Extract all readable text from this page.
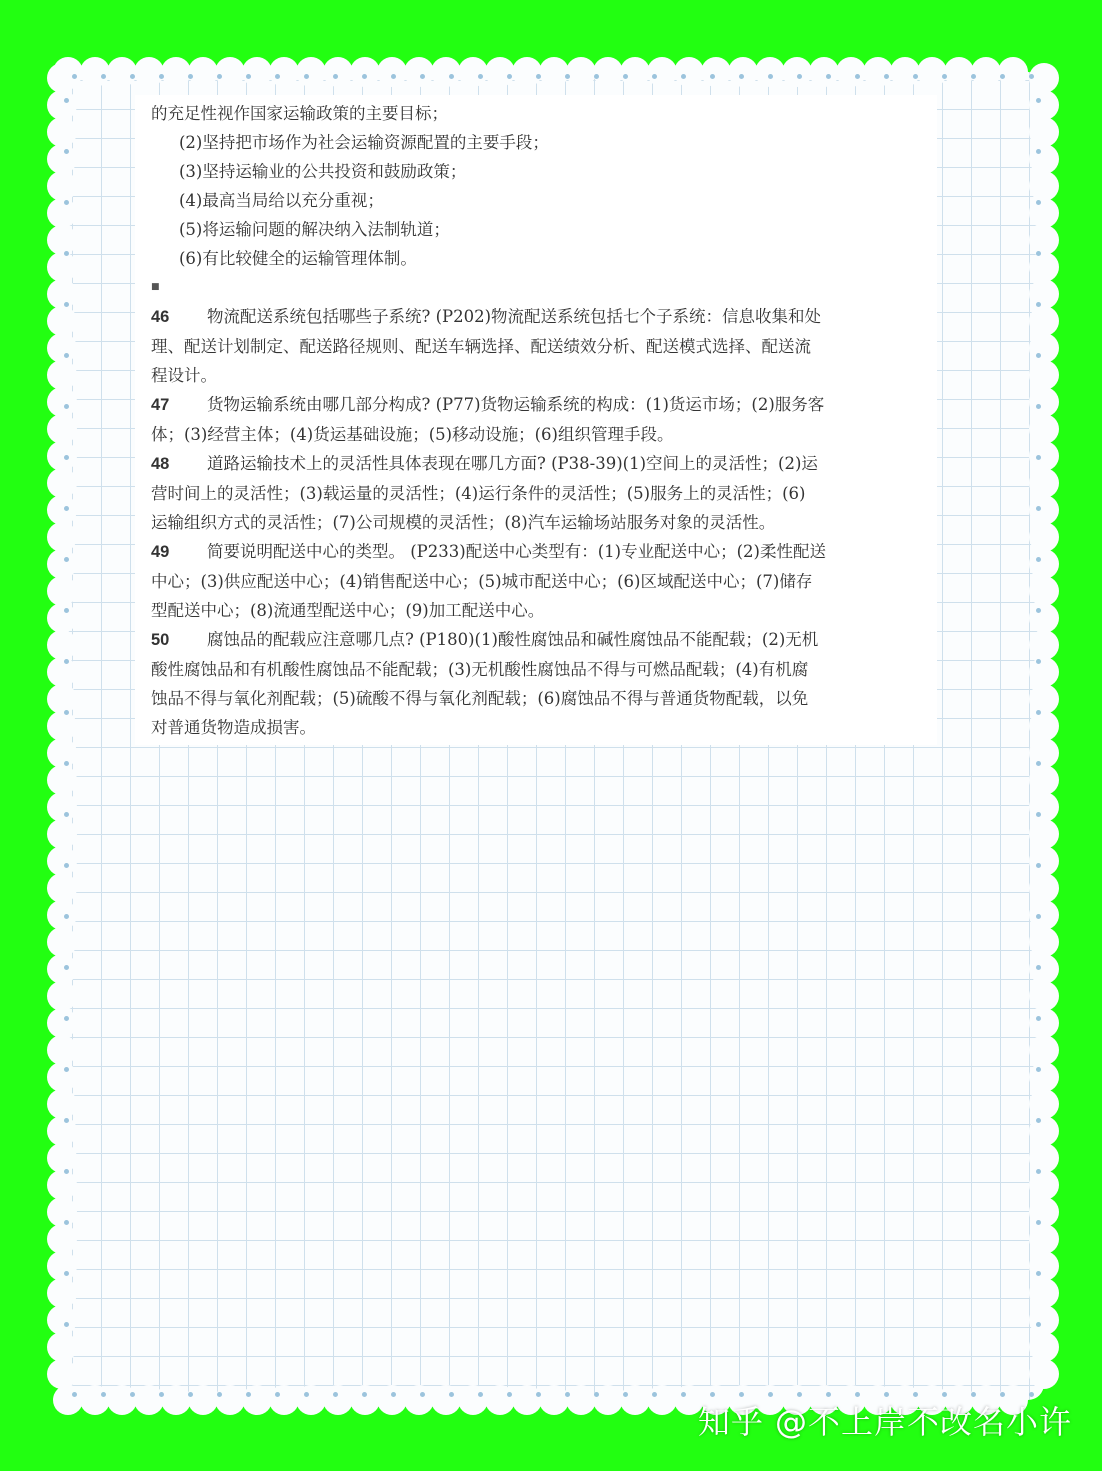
的充足性视作国家运输政策的主要目标；
(2)坚持把市场作为社会运输资源配置的主要手段；
(3)坚持运输业的公共投资和鼓励政策；
(4)最高当局给以充分重视；
(5)将运输问题的解决纳入法制轨道；
(6)有比较健全的运输管理体制。
■
46 物流配送系统包括哪些子系统? (P202)物流配送系统包括七个子系统：信息收集和处
理、配送计划制定、配送路径规则、配送车辆选择、配送绩效分析、配送模式选择、配送流
程设计。
47 货物运输系统由哪几部分构成? (P77)货物运输系统的构成：(1)货运市场；(2)服务客
体；(3)经营主体；(4)货运基础设施；(5)移动设施；(6)组织管理手段。
48 道路运输技术上的灵活性具体表现在哪几方面? (P38-39)(1)空间上的灵活性；(2)运
营时间上的灵活性；(3)载运量的灵活性；(4)运行条件的灵活性；(5)服务上的灵活性；(6)
运输组织方式的灵活性；(7)公司规模的灵活性；(8)汽车运输场站服务对象的灵活性。
49 简要说明配送中心的类型。 (P233)配送中心类型有：(1)专业配送中心；(2)柔性配送
中心；(3)供应配送中心；(4)销售配送中心；(5)城市配送中心；(6)区域配送中心；(7)储存
型配送中心；(8)流通型配送中心；(9)加工配送中心。
50 腐蚀品的配载应注意哪几点? (P180)(1)酸性腐蚀品和碱性腐蚀品不能配载；(2)无机
酸性腐蚀品和有机酸性腐蚀品不能配载；(3)无机酸性腐蚀品不得与可燃品配载；(4)有机腐
蚀品不得与氧化剂配载；(5)硫酸不得与氧化剂配载；(6)腐蚀品不得与普通货物配载，以免
对普通货物造成损害。
知乎 @不上岸不改名小许
